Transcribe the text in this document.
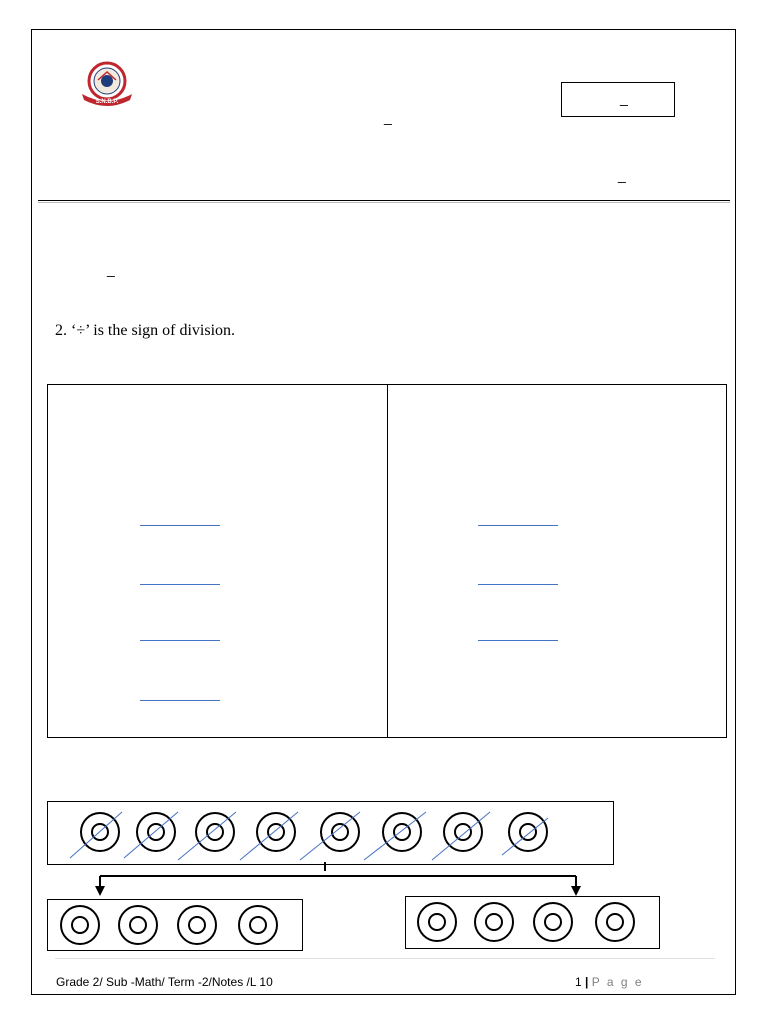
S.N.B.P.
_
_
_
_
2. ‘÷’ is the sign of division.
Grade 2/ Sub -Math/ Term -2/Notes /L 10	1 | P a g e
